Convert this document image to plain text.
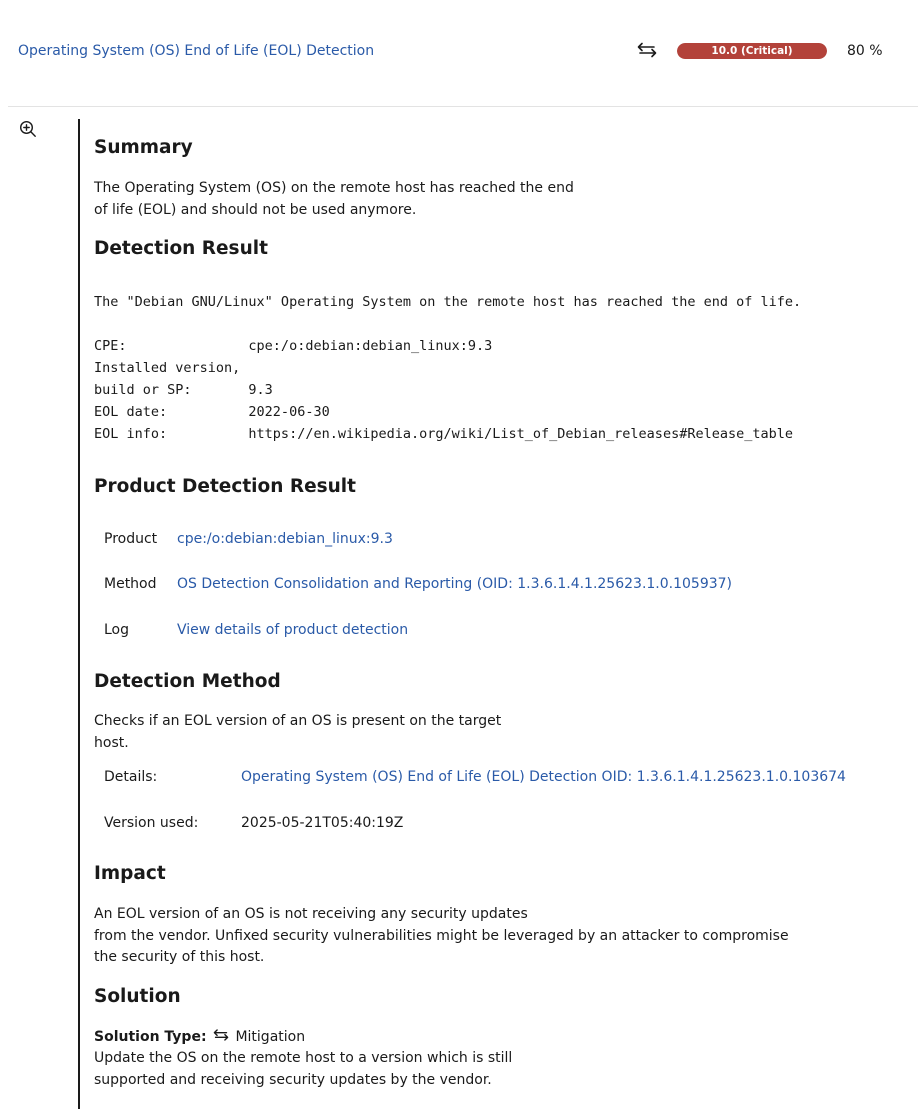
Operating System (OS) End of Life (EOL) Detection	10.0 (Critical)	80 %
Summary
The Operating System (OS) on the remote host has reached the end
of life (EOL) and should not be used anymore.
Detection Result
The "Debian GNU/Linux" Operating System on the remote host has reached the end of life.

CPE:               cpe:/o:debian:debian_linux:9.3
Installed version,
build or SP:       9.3
EOL date:          2022-06-30
EOL info:          https://en.wikipedia.org/wiki/List_of_Debian_releases#Release_table
Product Detection Result
Product cpe:/o:debian:debian_linux:9.3
Method OS Detection Consolidation and Reporting (OID: 1.3.6.1.4.1.25623.1.0.105937)
Log	View details of product detection
Detection Method
Checks if an EOL version of an OS is present on the target
host.
Details:	Operating System (OS) End of Life (EOL) Detection OID: 1.3.6.1.4.1.25623.1.0.103674
Version used:	2025-05-21T05:40:19Z
Impact
An EOL version of an OS is not receiving any security updates
from the vendor. Unfixed security vulnerabilities might be leveraged by an attacker to compromise
the security of this host.
Solution
Solution Type: Mitigation
Update the OS on the remote host to a version which is still
supported and receiving security updates by the vendor.
